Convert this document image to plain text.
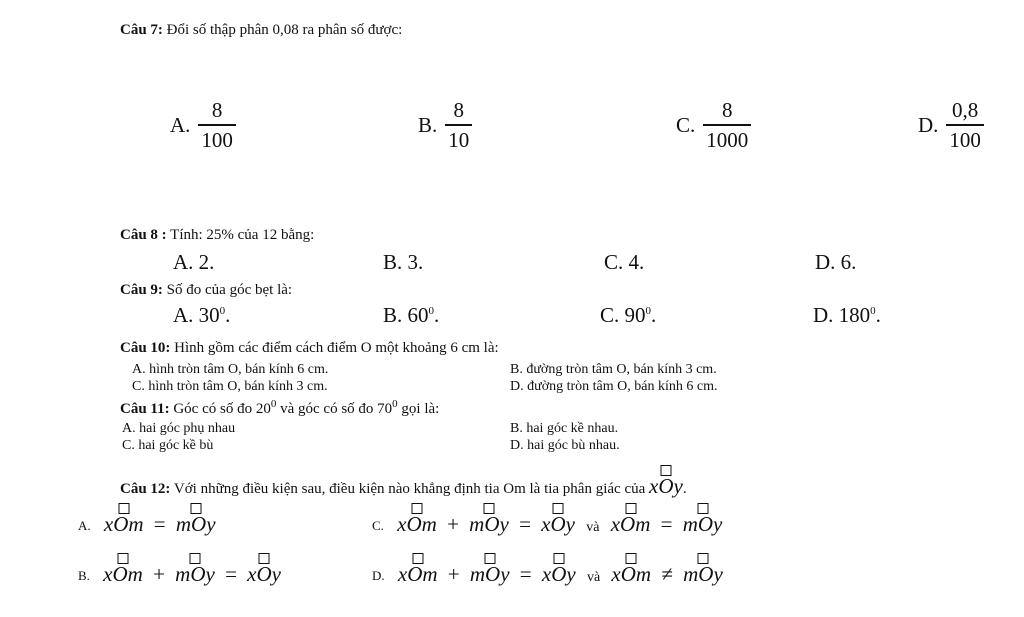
Câu 7: Đổi số thập phân 0,08 ra phân số được:
A. $\frac{8}{100}$	B. $\frac{8}{10}$	C. $\frac{8}{1000}$	D. $\frac{0,8}{100}$
Câu 8 : Tính: 25% của 12 bằng:
A. 2.	B. 3.	C. 4.	D. 6.
Câu 9: Số đo của góc bẹt là:
A. $30^0$.	B. $60^0$.	C. $90^0$.	D. $180^0$.
Câu 10: Hình gồm các điểm cách điểm O một khoảng 6 cm là:
A. hình tròn tâm O, bán kính 6 cm.	B. đường tròn tâm O, bán kính 3 cm.
C. hình tròn tâm O, bán kính 3 cm.	D. đường tròn tâm O, bán kính 6 cm.
Câu 11: Góc có số đo $20^0$ và góc có số đo $70^0$ gọi là:
A. hai góc phụ nhau	B. hai góc kề nhau.
C. hai góc kề bù	D. hai góc bù nhau.
Câu 12: Với những điều kiện sau, điều kiện nào khẳng định tia Om là tia phân giác của xOy.
A. xOm = mOy	C. xOm + mOy = xOy và xOm = mOy
B. xOm + mOy = xOy	D. xOm + mOy = xOy và xOm ≠ mOy
